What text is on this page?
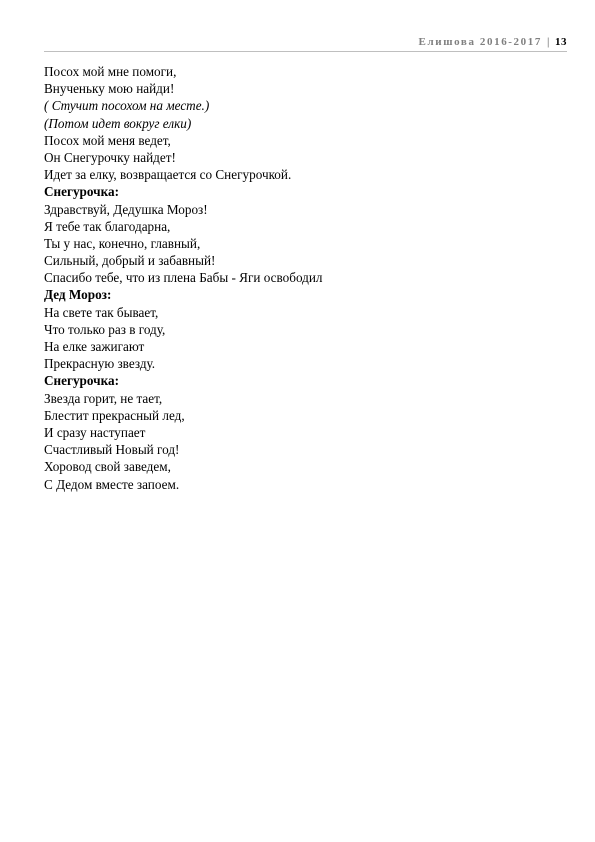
Елишова 2016-2017 | 13
Посох мой мне помоги,
Внученьку мою найди!
( Стучит посохом на месте.)
(Потом идет вокруг елки)
Посох мой меня ведет,
Он Снегурочку найдет!
Идет за елку, возвращается со Снегурочкой.
Снегурочка:
Здравствуй, Дедушка Мороз!
Я тебе так благодарна,
Ты у нас, конечно, главный,
Сильный, добрый и забавный!
Спасибо тебе, что из плена Бабы - Яги освободил
Дед Мороз:
На свете так бывает,
Что только раз в году,
На елке зажигают
Прекрасную звезду.
Снегурочка:
Звезда горит, не тает,
Блестит прекрасный лед,
И сразу наступает
Счастливый Новый год!
Хоровод свой заведем,
С Дедом вместе запоем.
